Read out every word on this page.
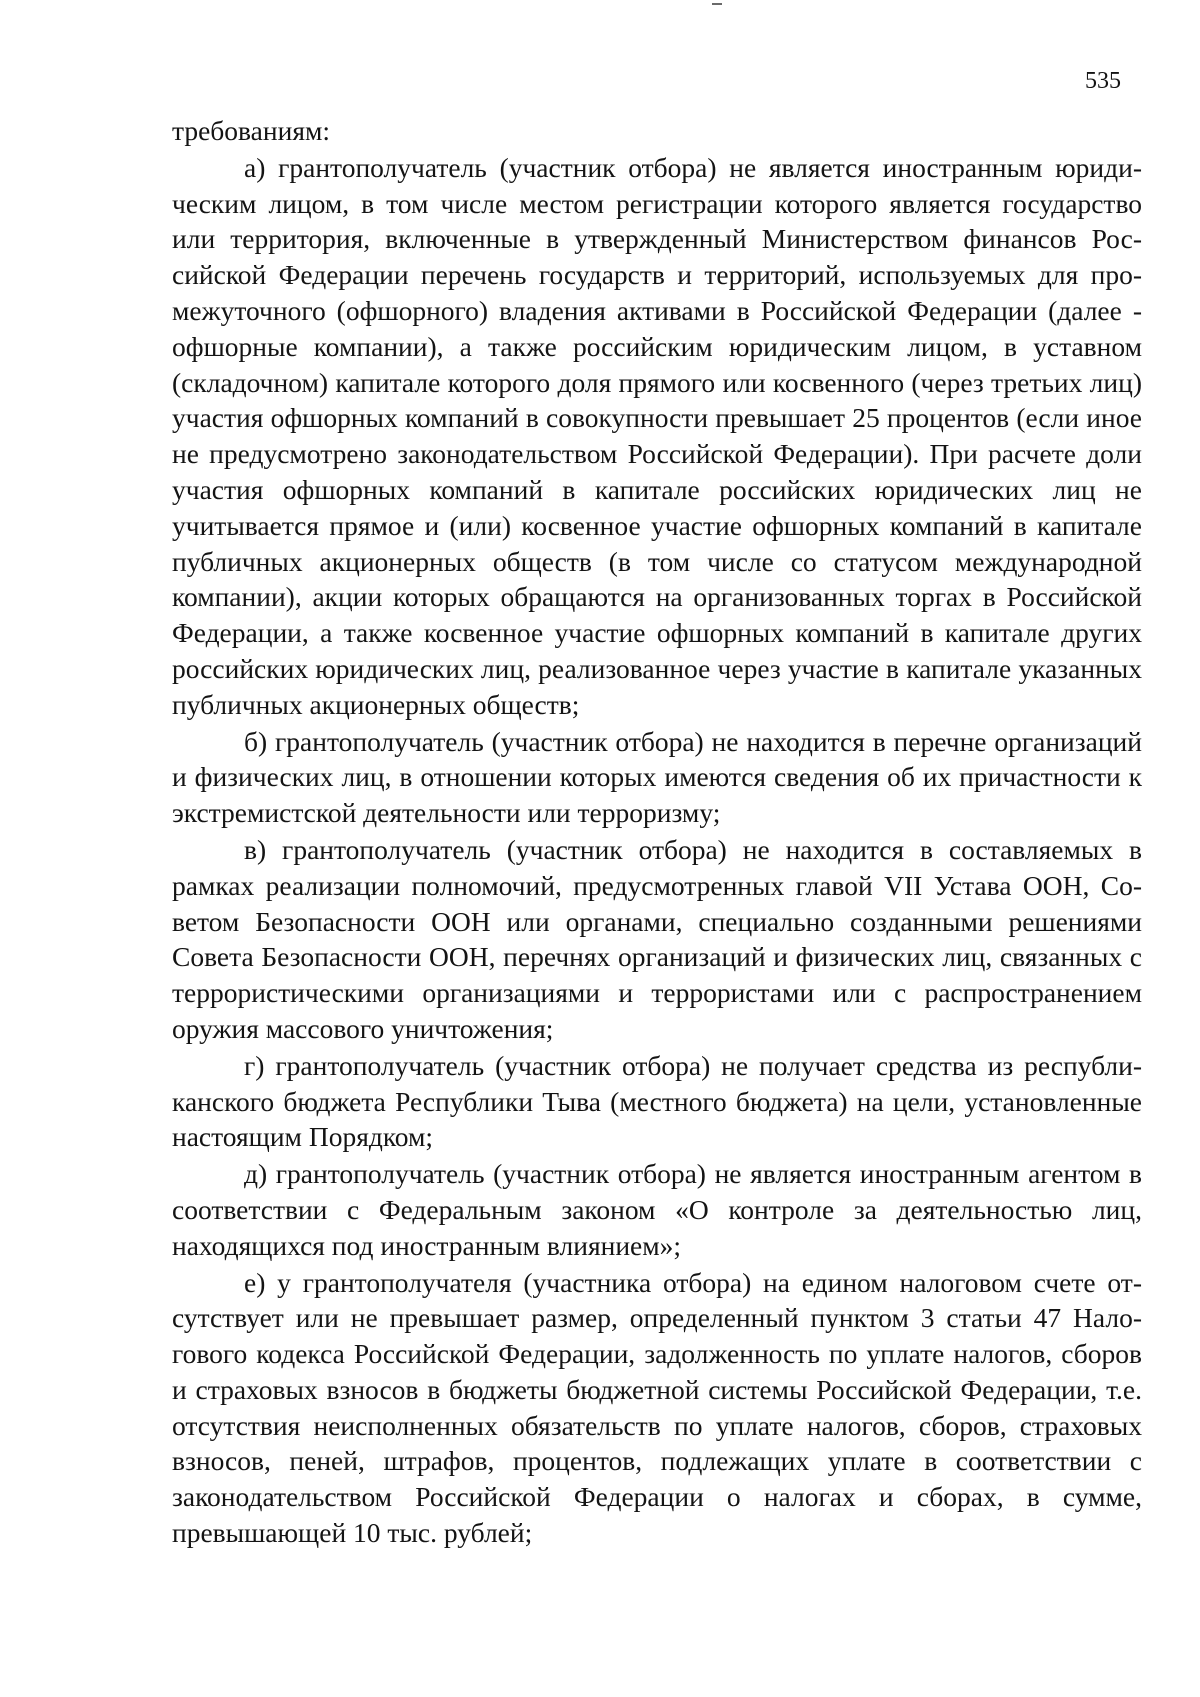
535

требованиям:

а) грантополучатель (участник отбора) не является иностранным юридическим лицом, в том числе местом регистрации которого является государство или территория, включенные в утвержденный Министерством финансов Российской Федерации перечень государств и территорий, используемых для промежуточного (офшорного) владения активами в Российской Федерации (далее - офшорные компании), а также российским юридическим лицом, в уставном (складочном) капитале которого доля прямого или косвенного (через третьих лиц) участия офшорных компаний в совокупности превышает 25 процентов (если иное не предусмотрено законодательством Российской Федерации). При расчете доли участия офшорных компаний в капитале российских юридических лиц не учитывается прямое и (или) косвенное участие офшорных компаний в капитале публичных акционерных обществ (в том числе со статусом международной компании), акции которых обращаются на организованных торгах в Российской Федерации, а также косвенное участие офшорных компаний в капитале других российских юридических лиц, реализованное через участие в капитале указанных публичных акционерных обществ;

б) грантополучатель (участник отбора) не находится в перечне организаций и физических лиц, в отношении которых имеются сведения об их причастности к экстремистской деятельности или терроризму;

в) грантополучатель (участник отбора) не находится в составляемых в рамках реализации полномочий, предусмотренных главой VII Устава ООН, Советом Безопасности ООН или органами, специально созданными решениями Совета Безопасности ООН, перечнях организаций и физических лиц, связанных с террористическими организациями и террористами или с распространением оружия массового уничтожения;

г) грантополучатель (участник отбора) не получает средства из республиканского бюджета Республики Тыва (местного бюджета) на цели, установленные настоящим Порядком;

д) грантополучатель (участник отбора) не является иностранным агентом в соответствии с Федеральным законом «О контроле за деятельностью лиц, находящихся под иностранным влиянием»;

е) у грантополучателя (участника отбора) на едином налоговом счете отсутствует или не превышает размер, определенный пунктом 3 статьи 47 Налогового кодекса Российской Федерации, задолженность по уплате налогов, сборов и страховых взносов в бюджеты бюджетной системы Российской Федерации, т.е. отсутствия неисполненных обязательств по уплате налогов, сборов, страховых взносов, пеней, штрафов, процентов, подлежащих уплате в соответствии с законодательством Российской Федерации о налогах и сборах, в сумме, превышающей 10 тыс. рублей;
